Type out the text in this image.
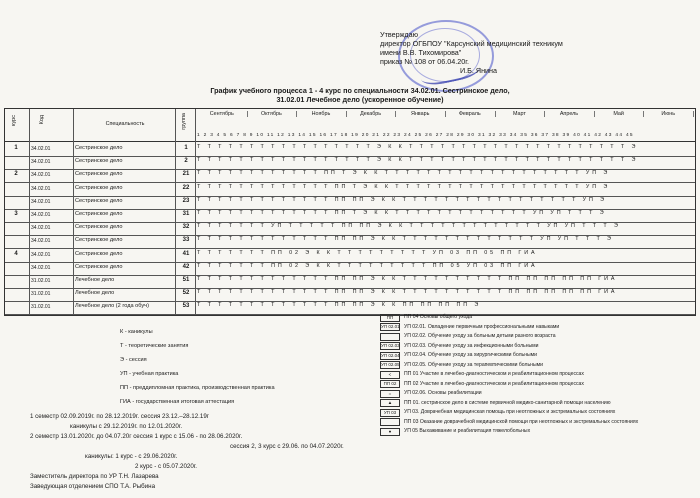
Утверждаю
директор ОГБПОУ "Карсунский медицинский техникум
имени В.В. Тихомирова"
приказ № 108 от 06.04.20г.
И.Б. Янина
График учебного процесса 1 - 4 курс по специальности 34.02.01. Сестринское дело,
31.02.01 Лечебное дело (ускоренное обучение)
курс	Код	Специальность	группа	Сентябрь	Октябрь	Ноябрь	Декабрь	Январь	Февраль	Март	Апрель	Май	Июнь
1 2 3 4 5 6 7 8 9 10 11 12 13 14 15 16 17 18 19 20 21 22 23 24 25 26 27 28 29 30 31 32 33 34 35 36 37 38 39 40 41 42 43 44 45
1	34.02.01	Сестринское дело	1	Т Т Т Т Т Т Т Т Т Т Т Т Т Т Т Т Т Э К К Т Т Т Т Т Т Т Т Т Т Т Т Т Т Т Т Т Т Т Т Т Э
34.02.01	Сестринское дело	2	Т Т Т Т Т Т Т Т Т Т Т Т Т Т Т Т Т Э К К Т Т Т Т Т Т Т Т Т Т Т Т Т Т Т Т Т Т Т Т Т Э
2	34.02.01	Сестринское дело	21	Т Т Т Т Т Т Т Т Т Т Т Т ПП Т Э К К Т Т Т Т Т Т Т Т Т Т Т Т Т Т Т Т Т Т Т УП Э
34.02.01	Сестринское дело	22	Т Т Т Т Т Т Т Т Т Т Т Т Т ПП Т Э К К Т Т Т Т Т Т Т Т Т Т Т Т Т Т Т Т Т Т УП Э
34.02.01	Сестринское дело	23	Т Т Т Т Т Т Т Т Т Т Т Т Т ПП ПП Э К К Т Т Т Т Т Т Т Т Т Т Т Т Т Т Т Т Т УП Э
3	34.02.01	Сестринское дело	31	Т Т Т Т Т Т Т Т Т Т Т Т Т ПП Т Э К К Т Т Т Т Т Т Т Т Т Т Т Т Т УП УП Т Т Т Э
34.02.01	Сестринское дело	32	Т Т Т Т Т Т Т УП Т Т Т Т Т ПП ПП Э К К Т Т Т Т Т Т Т Т Т Т Т Т Т УП УП Т Т Т Э
34.02.01	Сестринское дело	33	Т Т Т Т Т Т Т Т Т Т Т Т Т ПП ПП Э К К Т Т Т Т Т Т Т Т Т Т Т Т Т УП УП Т Т Т Э
4	34.02.01	Сестринское дело	41	Т Т Т Т Т Т Т ПП 02 Э К К Т Т Т Т Т Т Т Т Т УП 03 ПП 05 ПП ГИА
34.02.01	Сестринское дело	42	Т Т Т Т Т Т Т ПП 02 Э К К Т Т Т Т Т Т Т Т Т ПП 05 УП 03 ПП ГИА
31.02.01	Лечебное дело	51	Т Т Т Т Т Т Т Т Т Т Т Т Т ПП ПП Э К К Т Т Т Т Т Т Т Т Т Т ПП ПП ПП ПП ПП ГИА
31.02.01	Лечебное дело	52	Т Т Т Т Т Т Т Т Т Т Т Т Т ПП ПП Э К К Т Т Т Т Т Т Т Т Т Т ПП ПП ПП ПП ПП ГИА
31.02.01	Лечебное дело (2 года обуч)	53	Т Т Т Т Т Т Т Т Т Т Т Т Т ПП ПП Э К К ПП ПП ПП ПП Э
К - каникулы
Т - теоретические занятия
Э - сессия
УП - учебная практика
ПП - преддипломная практика, производственная практика
ГИА - государственная итоговая аттестация
ПП	ПП 04 Основы общего ухода
УП 02.01 УП 02.01. Овладение первичным профессиональными навыками
УП 02.02. Обучение уходу за больным детьми разного возраста
УП 02.03 УП 02.03. Обучение уходу за инфекционными больными
УП 02.04 УП 02.04. Обучение уходу за хирургическими больными
УП 02.05 УП 02.05. Обучение уходу за терапевтическими больными
<	ПП 01 Участие в лечебно-диагностическом и реабилитационном процессах
ПП 02	ПП 02 Участие в лечебно-диагностическом и реабилитационном процессах
=	УП 02.06. Основы реабилитации
▲	ПП 01. сестринское дело в системе первичной медико-санитарной помощи населению
УП 03	УП 03. Доврачебная медицинская помощь при неотложных и экстремальных состояниях
ПП 03 Оказание доврачебной медицинской помощи при неотложных и экстремальных состояниях
●	УП 05 Выхаживание и реабилитация тяжелобольных
1 семестр 02.09.2019г. по 28.12.2019г. сессия 23.12.–28.12.19г
каникулы с 29.12.2019г. по 12.01.2020г.
2 семестр 13.01.2020г. до 04.07.20г сессия 1 курс с 15.06 - по 28.06.2020г.
сессия 2, 3 курс с 29.06. по 04.07.2020г.
каникулы: 1 курс - с 29.06.2020г.
2 курс - с 05.07.2020г.
Заместитель директора по УР Т.Н. Лазарева
Заведующая отделением СПО Т.А. Рыбина
